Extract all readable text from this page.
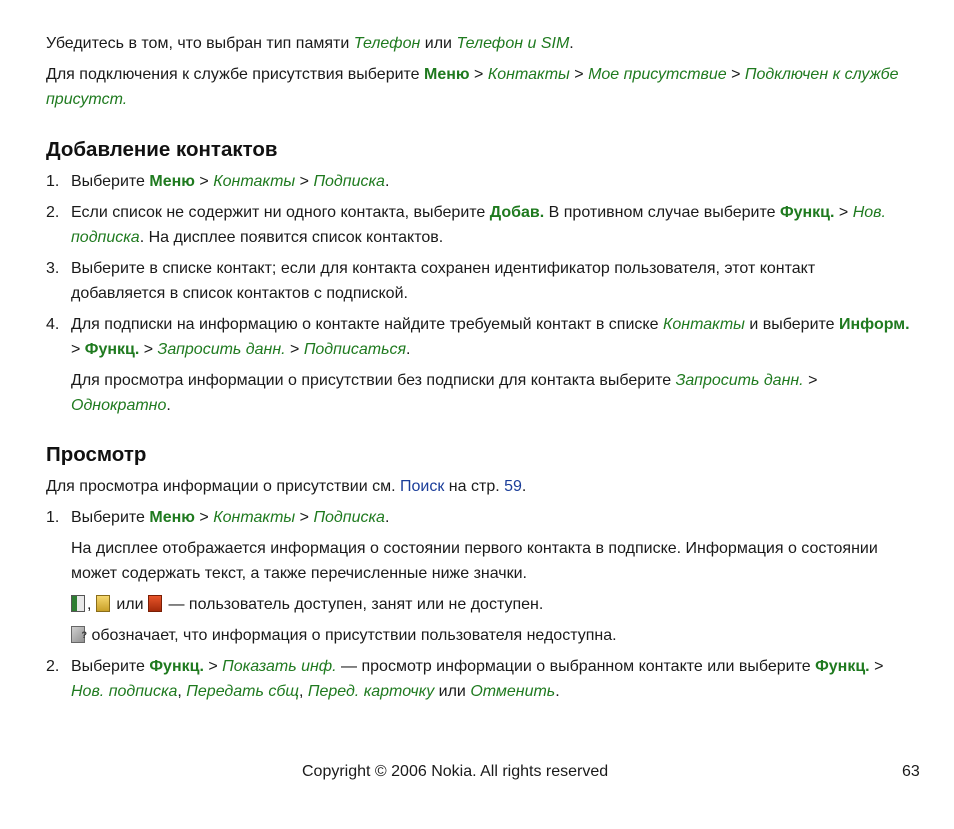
Убедитесь в том, что выбран тип памяти Телефон или Телефон и SIM.

Для подключения к службе присутствия выберите Меню > Контакты > Мое присутствие > Подключен к службе присутст.

Добавление контактов
1. Выберите Меню > Контакты > Подписка.
2. Если список не содержит ни одного контакта, выберите Добав. В противном случае выберите Функц. > Нов. подписка. На дисплее появится список контактов.
3. Выберите в списке контакт; если для контакта сохранен идентификатор пользователя, этот контакт добавляется в список контактов с подпиской.
4. Для подписки на информацию о контакте найдите требуемый контакт в списке Контакты и выберите Информ. > Функц. > Запросить данн. > Подписаться.

Для просмотра информации о присутствии без подписки для контакта выберите Запросить данн. > Однократно.

Просмотр

Для просмотра информации о присутствии см. Поиск на стр. 59.

1. Выберите Меню > Контакты > Подписка.

На дисплее отображается информация о состоянии первого контакта в подписке. Информация о состоянии может содержать текст, а также перечисленные ниже значки.

,  или  — пользователь доступен, занят или не доступен.

? обозначает, что информация о присутствии пользователя недоступна.

2. Выберите Функц. > Показать инф. — просмотр информации о выбранном контакте или выберите Функц. > Нов. подписка, Передать сбщ, Перед. карточку или Отменить.
Copyright © 2006 Nokia. All rights reserved	63
